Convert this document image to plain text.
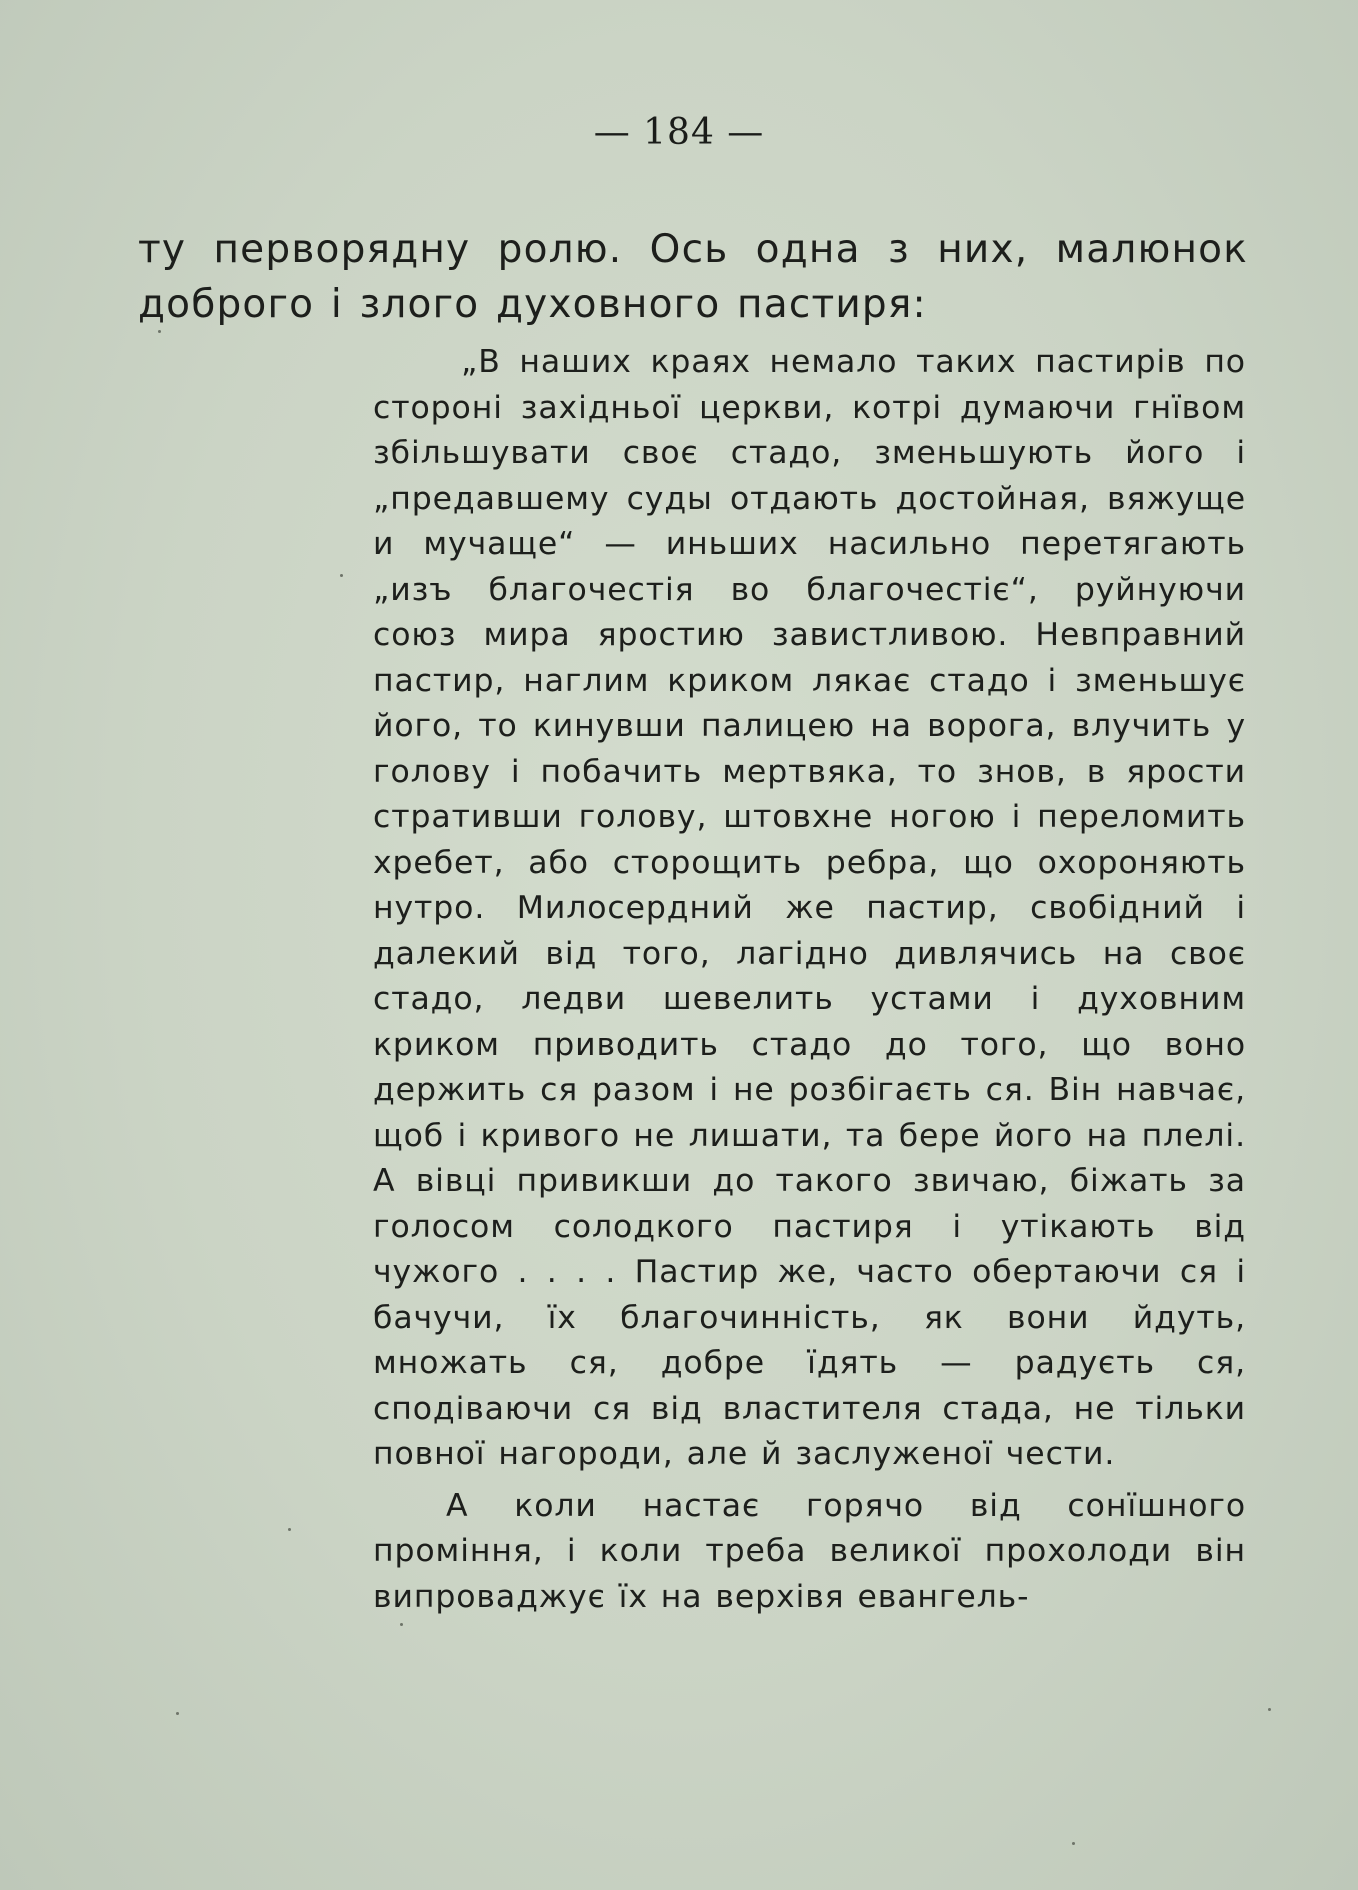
— 184 —

ту первоpядну ролю. Ось одна з них, малюнок доброго і злого духовного пастиря:

„В наших краях немало таких пастирів по стороні західньої церкви, котрі думаючи гнївом збільшувати своє стадо, зменьшують його і „предавшему суды отдають достойная, вяжуще и мучаще“ — иньших насильно перетягають „изъ благочестія во благочестіє“, руйнуючи союз мира яростию завистливою. Невправний пастир, наглим криком лякає стадо і зменьшує його, то кинувши палицею на ворога, влучить у голову і побачить мертвяка, то знов, в ярости стративши голову, штовхне ногою і переломить хребет, або сторощить ребра, що охороняють нутро. Милосердний же пастир, свобідний і далекий від того, лагідно дивлячись на своє стадо, ледви шевелить устами і духовним криком приводить стадо до того, що воно держить ся разом і не розбігаєть ся. Він навчає, щоб і кривого не лишати, та бере його на плелі. А вівці привикши до такого звичаю, біжать за голосом солодкого пастиря і утікають від чужого . . . . Пастир же, часто обертаючи ся і бачучи, їх благочинність, як вони йдуть, множать ся, добре їдять — радуєть ся, сподіваючи ся від властителя стада, не тільки повної нагороди, але й заслуженої чести.

А коли настає горячо від сонїшного проміння, і коли треба великої прохолоди він випроваджує їх на верхівя евангель-
